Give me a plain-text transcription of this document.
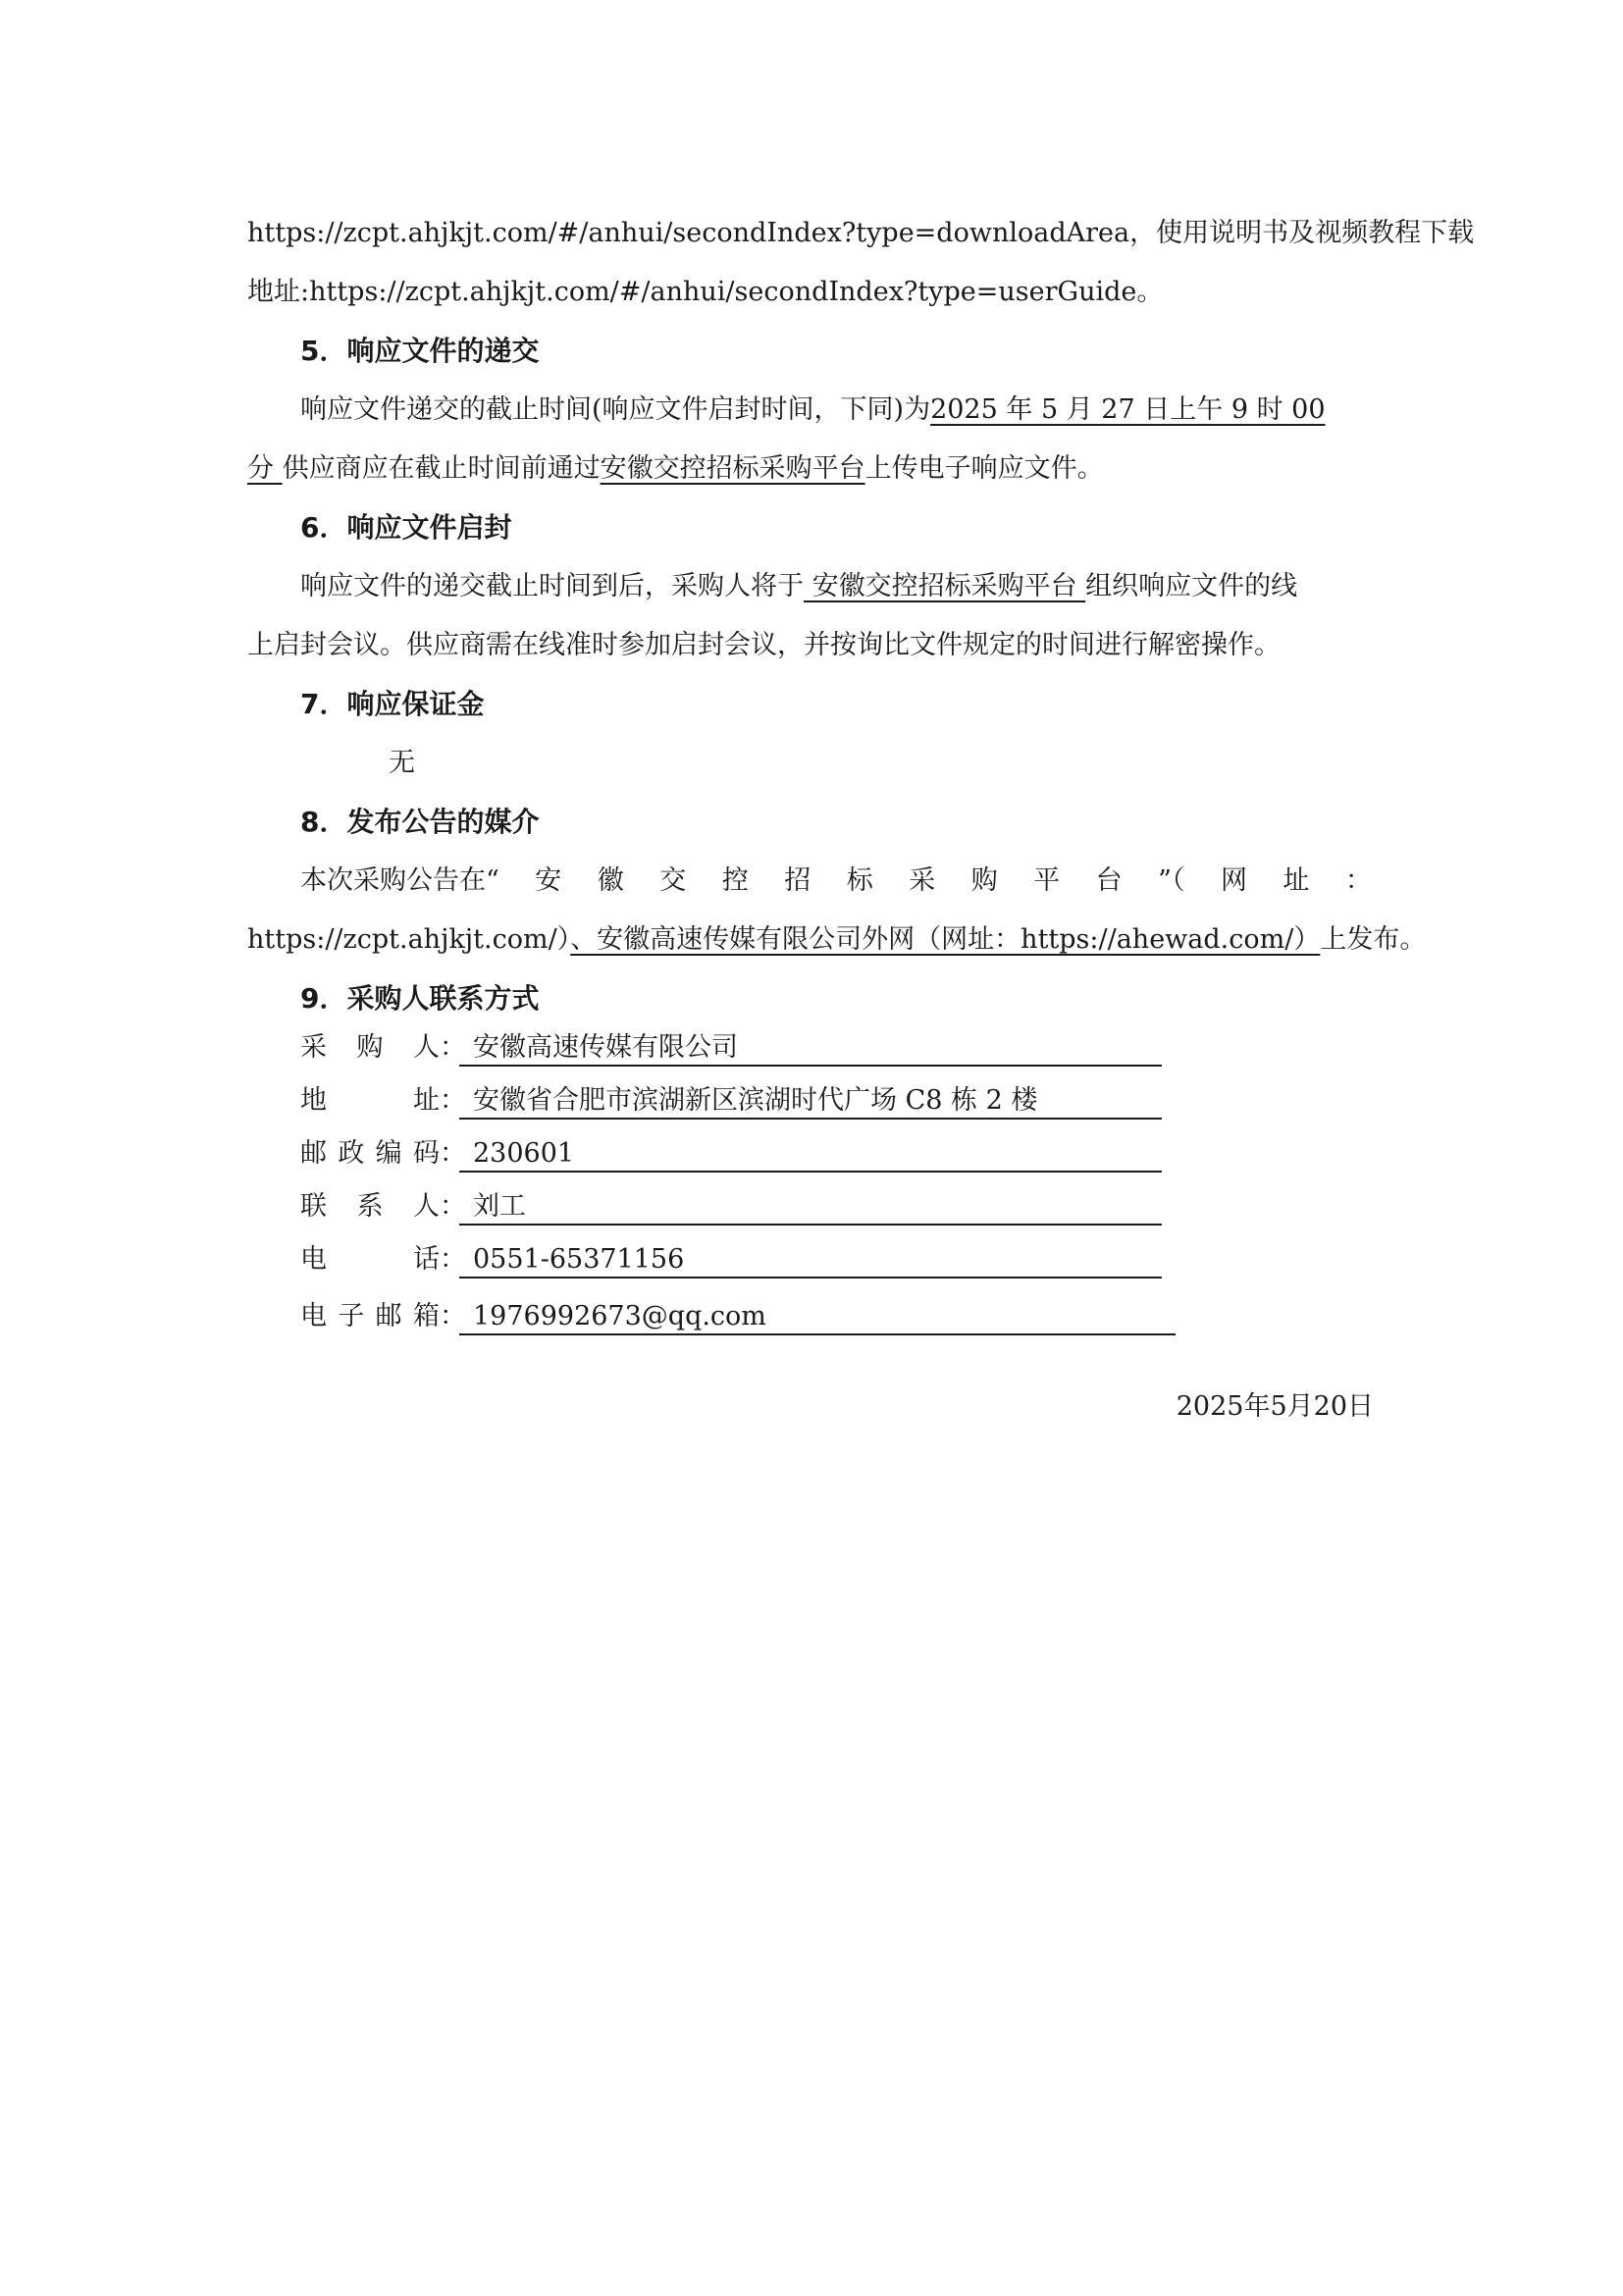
https://zcpt.ahjkjt.com/#/anhui/secondIndex?type=downloadArea，使用说明书及视频教程下载
地址:https://zcpt.ahjkjt.com/#/anhui/secondIndex?type=userGuide。
5．响应文件的递交
响应文件递交的截止时间(响应文件启封时间，下同)为2025 年 5 月 27 日上午 9 时 00
分 供应商应在截止时间前通过安徽交控招标采购平台上传电子响应文件。
6．响应文件启封
响应文件的递交截止时间到后，采购人将于 安徽交控招标采购平台 组织响应文件的线
上启封会议。供应商需在线准时参加启封会议，并按询比文件规定的时间进行解密操作。
7．响应保证金
无
8．发布公告的媒介
本次采购公告在“ 安 徽 交 控 招 标 采 购 平 台 ”（ 网 址 ：
https://zcpt.ahjkjt.com/）、安徽高速传媒有限公司外网（网址：https://ahewad.com/）上发布。
9．采购人联系方式
采 购 人： 安徽高速传媒有限公司
地 址： 安徽省合肥市滨湖新区滨湖时代广场 C8 栋 2 楼
邮政编码： 230601
联 系 人： 刘工
电 话： 0551-65371156
电子邮箱： 1976992673@qq.com
2025年5月20日
